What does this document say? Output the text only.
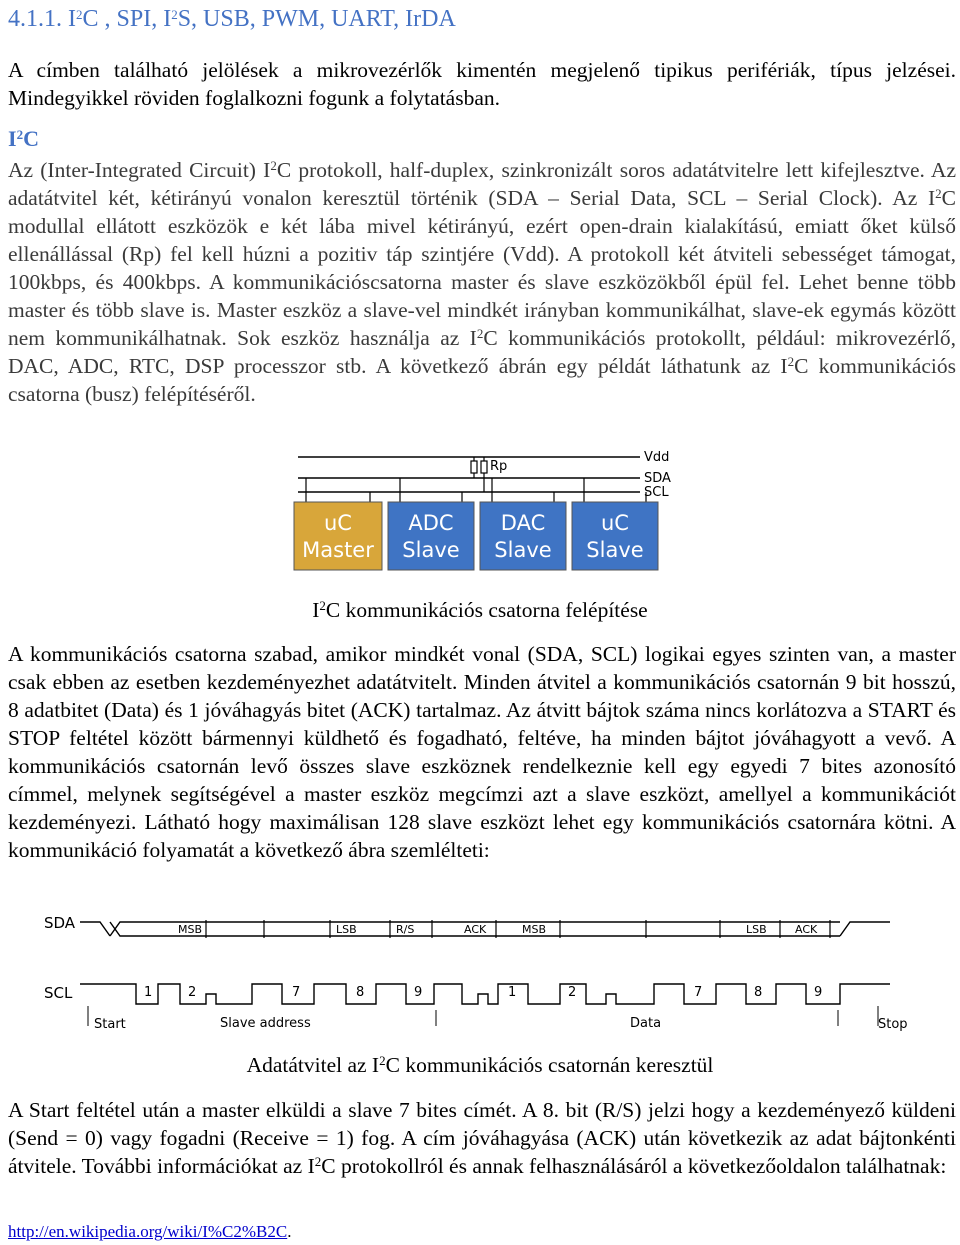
4.1.1. $I^2C$ , SPI, $I^2S$, USB, PWM, UART, IrDA
A címben található jelölések a mikrovezérlők kimentén megjelenő tipikus perifériák, típus jelzései. Mindegyikkel röviden foglalkozni fogunk a folytatásban.
$I^2C$
Az (Inter-Integrated Circuit) $I^2C$ protokoll, half-duplex, szinkronizált soros adatátvitelre lett kifejlesztve. Az adatátvitel két, kétirányú vonalon keresztül történik (SDA – Serial Data, SCL – Serial Clock). Az $I^2C$ modullal ellátott eszközök e két lába mivel kétirányú, ezért open-drain kialakítású, emiatt őket külső ellenállással (Rp) fel kell húzni a pozitiv táp szintjére (Vdd). A protokoll két átviteli sebességet támogat, 100kbps, és 400kbps. A kommunikációscsatorna master és slave eszközökből épül fel. Lehet benne több master és több slave is. Master eszköz a slave-vel mindkét irányban kommunikálhat, slave-ek egymás között nem kommunikálhatnak. Sok eszköz használja az $I^2C$ kommunikációs protokollt, például: mikrovezérlő, DAC, ADC, RTC, DSP processzor stb. A következő ábrán egy példát láthatunk az $I^2C$ kommunikációs csatorna (busz) felépítéséről.
Vdd
Rp
SDA
SCL
uC
Master
ADC
Slave
DAC
Slave
uC
Slave
$I^2C$ kommunikációs csatorna felépítése
A kommunikációs csatorna szabad, amikor mindkét vonal (SDA, SCL) logikai egyes szinten van, a master csak ebben az esetben kezdeményezhet adatátvitelt. Minden átvitel a kommunikációs csatornán 9 bit hosszú, 8 adatbitet (Data) és 1 jóváhagyás bitet (ACK) tartalmaz. Az átvitt bájtok száma nincs korlátozva a START és STOP feltétel között bármennyi küldhető és fogadható, feltéve, ha minden bájtot jóváhagyott a vevő. A kommunikációs csatornán levő összes slave eszköznek rendelkeznie kell egy egyedi 7 bites azonosító címmel, melynek segítségével a master eszköz megcímzi azt a slave eszközt, amellyel a kommunikációt kezdeményezi. Látható hogy maximálisan 128 slave eszközt lehet egy kommunikációs csatornára kötni. A kommunikáció folyamatát a következő ábra szemlélteti:
SDA
SCL
MSB	LSB	R/S	ACK	MSB	LSB	ACK
1	2	7	8	9	1	2	7	8	9
Start	Slave address	Data	Stop
Adatátvitel az $I^2C$ kommunikációs csatornán keresztül
A Start feltétel után a master elküldi a slave 7 bites címét. A 8. bit (R/S) jelzi hogy a kezdeményező küldeni (Send = 0) vagy fogadni (Receive = 1) fog. A cím jóváhagyása (ACK) után következik az adat bájtonkénti átvitele. További információkat az $I^2C$ protokollról és annak felhasználásáról a következőoldalon találhatnak:
http://en.wikipedia.org/wiki/I%C2%B2C.
